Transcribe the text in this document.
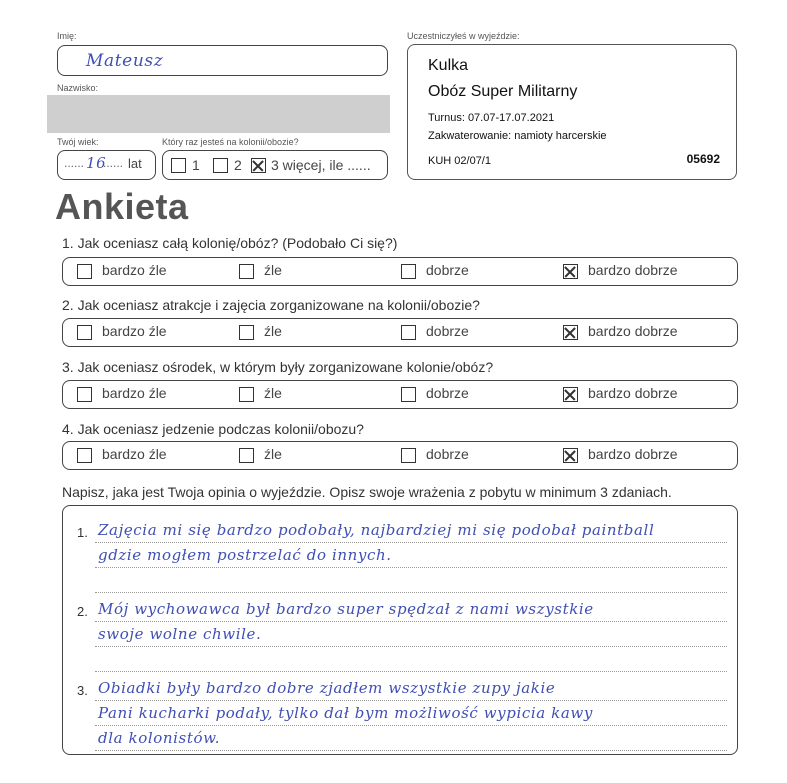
Imię:
Mateusz
Nazwisko:
Twój wiek:
...... 16
...... lat
Który raz jesteś na kolonii/obozie?
1 2 3 więcej, ile ......
Uczestniczyłeś w wyjeździe:
Kulka
Obóz Super Militarny
Turnus: 07.07-17.07.2021
Zakwaterowanie: namioty harcerskie
KUH 02/07/1	05692
Ankieta
1. Jak oceniasz całą kolonię/obóz? (Podobało Ci się?)
bardzo źle	źle	dobrze	bardzo dobrze
2. Jak oceniasz atrakcje i zajęcia zorganizowane na kolonii/obozie?
bardzo źle	źle	dobrze	bardzo dobrze
3. Jak oceniasz ośrodek, w którym były zorganizowane kolonie/obóz?
bardzo źle	źle	dobrze	bardzo dobrze
4. Jak oceniasz jedzenie podczas kolonii/obozu?
bardzo źle	źle	dobrze	bardzo dobrze
Napisz, jaka jest Twoja opinia o wyjeździe. Opisz swoje wrażenia z pobytu w minimum 3 zdaniach.
1. Zajęcia mi się bardzo podobały, najbardziej mi się podobał paintball
gdzie mogłem postrzelać do innych.
2. Mój wychowawca był bardzo super spędzał z nami wszystkie
swoje wolne chwile.
3. Obiadki były bardzo dobre zjadłem wszystkie zupy jakie
Pani kucharki podały, tylko dał bym możliwość wypicia kawy
dla kolonistów.
